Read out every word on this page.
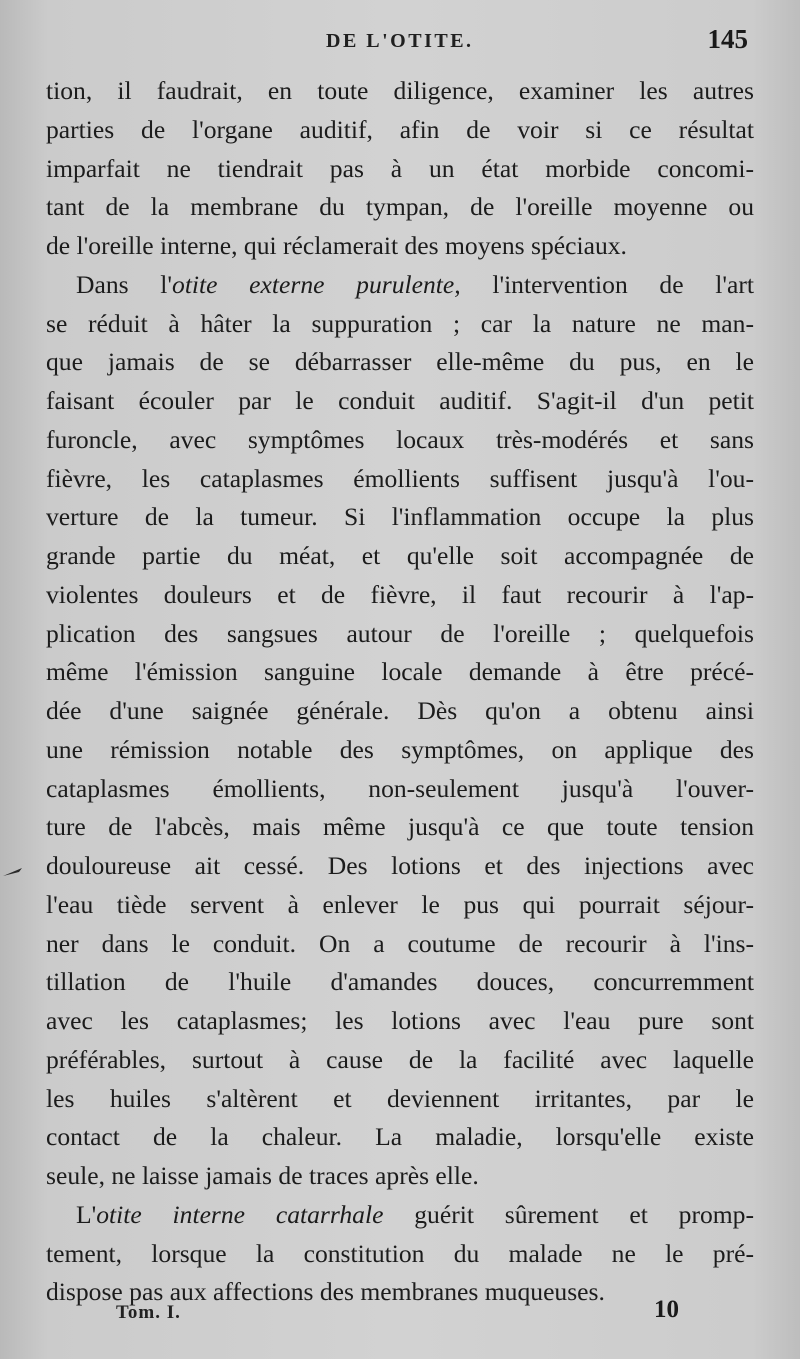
DE L'OTITE.	145
tion, il faudrait, en toute diligence, examiner les autres
parties de l'organe auditif, afin de voir si ce résultat
imparfait ne tiendrait pas à un état morbide concomi-
tant de la membrane du tympan, de l'oreille moyenne ou
de l'oreille interne, qui réclamerait des moyens spéciaux.
Dans l'otite externe purulente, l'intervention de l'art
se réduit à hâter la suppuration ; car la nature ne man-
que jamais de se débarrasser elle-même du pus, en le
faisant écouler par le conduit auditif. S'agit-il d'un petit
furoncle, avec symptômes locaux très-modérés et sans
fièvre, les cataplasmes émollients suffisent jusqu'à l'ou-
verture de la tumeur. Si l'inflammation occupe la plus
grande partie du méat, et qu'elle soit accompagnée de
violentes douleurs et de fièvre, il faut recourir à l'ap-
plication des sangsues autour de l'oreille ; quelquefois
même l'émission sanguine locale demande à être précé-
dée d'une saignée générale. Dès qu'on a obtenu ainsi
une rémission notable des symptômes, on applique des
cataplasmes émollients, non-seulement jusqu'à l'ouver-
ture de l'abcès, mais même jusqu'à ce que toute tension
douloureuse ait cessé. Des lotions et des injections avec
l'eau tiède servent à enlever le pus qui pourrait séjour-
ner dans le conduit. On a coutume de recourir à l'ins-
tillation de l'huile d'amandes douces, concurremment
avec les cataplasmes; les lotions avec l'eau pure sont
préférables, surtout à cause de la facilité avec laquelle
les huiles s'altèrent et deviennent irritantes, par le
contact de la chaleur. La maladie, lorsqu'elle existe
seule, ne laisse jamais de traces après elle.
L'otite interne catarrhale guérit sûrement et promp-
tement, lorsque la constitution du malade ne le pré-
dispose pas aux affections des membranes muqueuses.
Tom. I.	10
